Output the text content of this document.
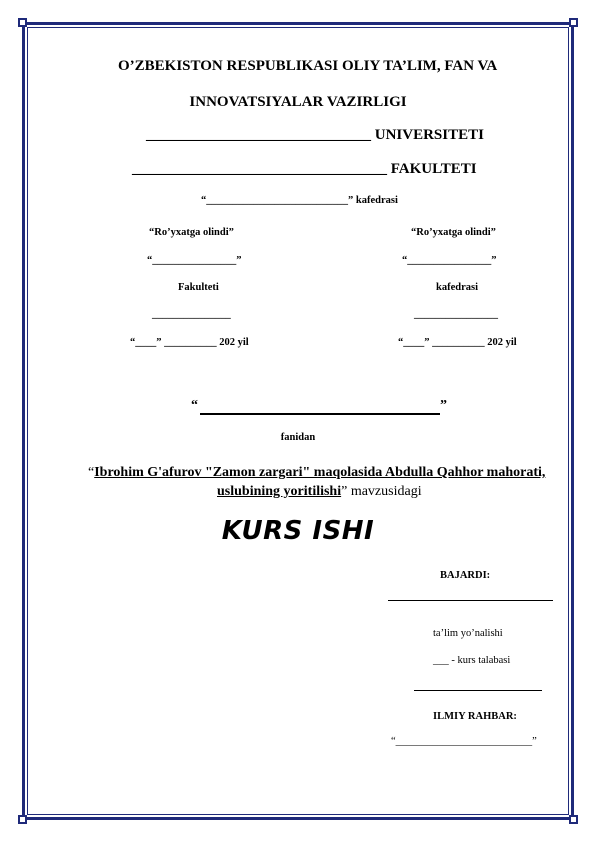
O’ZBEKISTON RESPUBLIKASI OLIY TA’LIM, FAN VA
INNOVATSIYALAR VAZIRLIGI
______________________________ UNIVERSITETI
__________________________________ FAKULTETI
“___________________________” kafedrasi
“Ro’yxatga olindi”
“________________”
Fakulteti
_______________
“____” __________ 202 yil
“Ro’yxatga olindi”
“________________”
kafedrasi
________________
“____” __________ 202 yil
“	”
fanidan
“Ibrohim G'afurov "Zamon zargari" maqolasida Abdulla Qahhor mahorati,
uslubining yoritilishi” mavzusidagi
KURS ISHI
BAJARDI:
ta’lim yo’nalishi
___ - kurs talabasi
ILMIY RAHBAR:
“__________________________”
